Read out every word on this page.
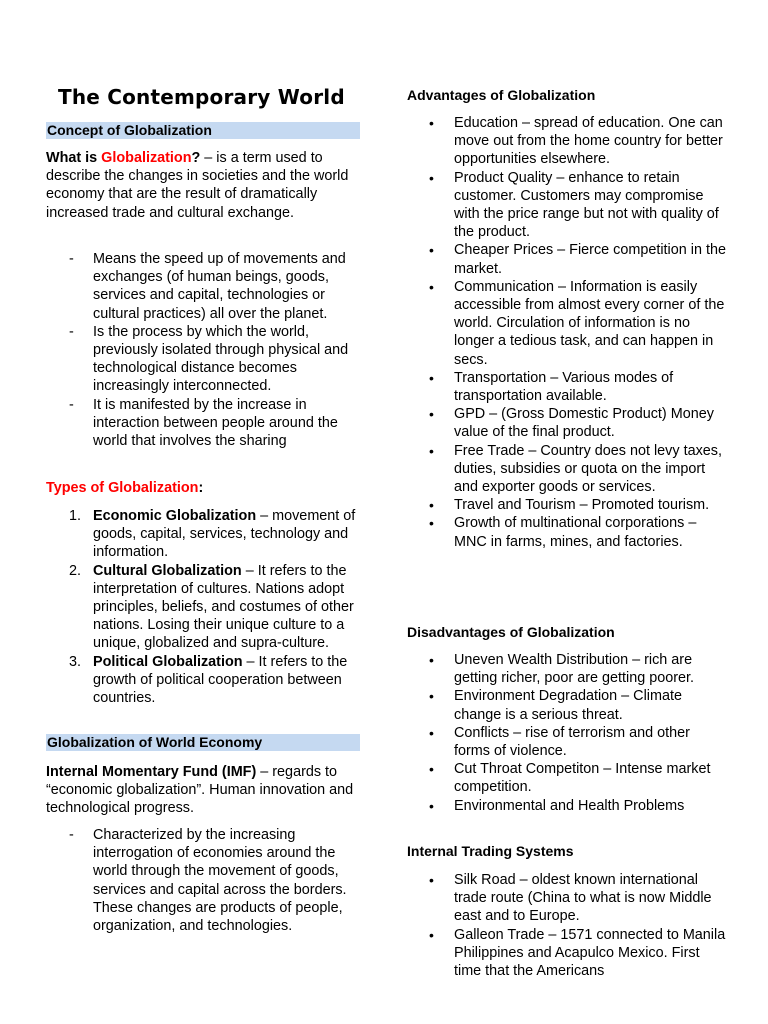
The Contemporary World
Concept of Globalization

What is Globalization? – is a term used to describe the changes in societies and the world economy that are the result of dramatically increased trade and cultural exchange.

- Means the speed up of movements and exchanges (of human beings, goods, services and capital, technologies or cultural practices) all over the planet.
- Is the process by which the world, previously isolated through physical and technological distance becomes increasingly interconnected.
- It is manifested by the increase in interaction between people around the world that involves the sharing

Types of Globalization:

1. Economic Globalization – movement of goods, capital, services, technology and information.
2. Cultural Globalization – It refers to the interpretation of cultures. Nations adopt principles, beliefs, and costumes of other nations. Losing their unique culture to a unique, globalized and supra-culture.
3. Political Globalization – It refers to the growth of political cooperation between countries.
Globalization of World Economy

Internal Momentary Fund (IMF) – regards to “economic globalization”. Human innovation and technological progress.

- Characterized by the increasing interrogation of economies around the world through the movement of goods, services and capital across the borders. These changes are products of people, organization, and technologies.

Advantages of Globalization

• Education – spread of education. One can move out from the home country for better opportunities elsewhere.
• Product Quality – enhance to retain customer. Customers may compromise with the price range but not with quality of the product.
• Cheaper Prices – Fierce competition in the market.
• Communication – Information is easily accessible from almost every corner of the world. Circulation of information is no longer a tedious task, and can happen in secs.
• Transportation – Various modes of transportation available.
• GPD – (Gross Domestic Product) Money value of the final product.
• Free Trade – Country does not levy taxes, duties, subsidies or quota on the import and exporter goods or services.
• Travel and Tourism – Promoted tourism.
• Growth of multinational corporations – MNC in farms, mines, and factories.

Disadvantages of Globalization

• Uneven Wealth Distribution – rich are getting richer, poor are getting poorer.
• Environment Degradation – Climate change is a serious threat.
• Conflicts – rise of terrorism and other forms of violence.
• Cut Throat Competiton – Intense market competition.
• Environmental and Health Problems

Internal Trading Systems

• Silk Road – oldest known international trade route (China to what is now Middle east and to Europe.
• Galleon Trade – 1571 connected to Manila Philippines and Acapulco Mexico. First time that the Americans
